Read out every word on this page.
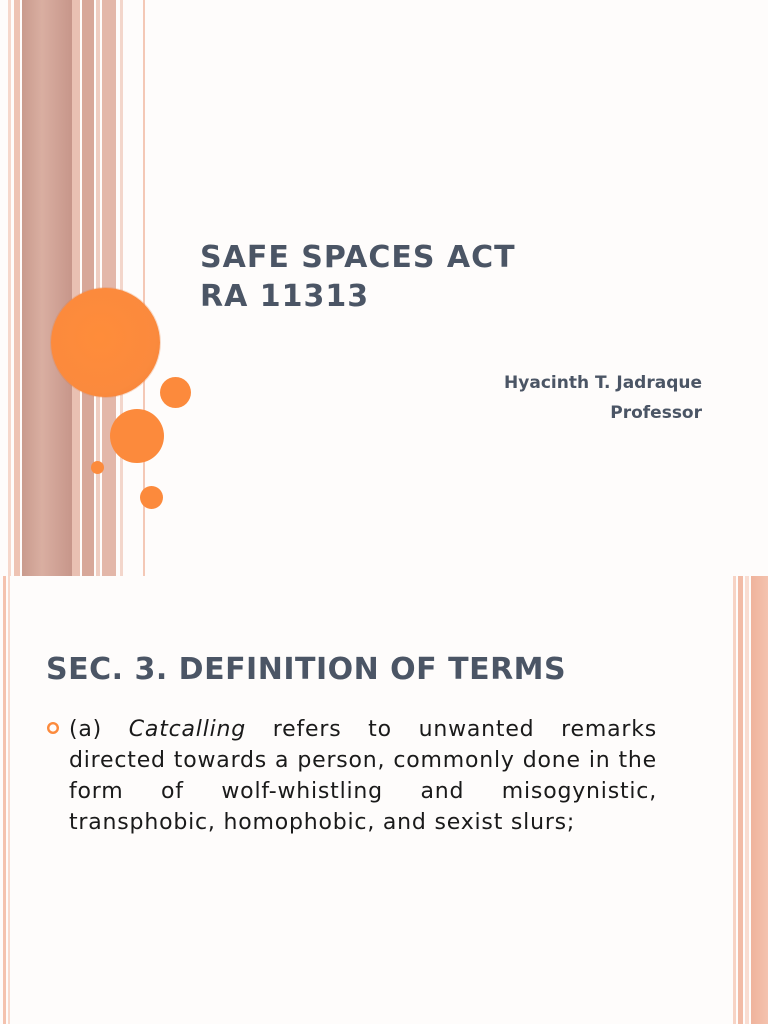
SAFE SPACES ACT
RA 11313
Hyacinth T. Jadraque
Professor
SEC. 3. DEFINITION OF TERMS

(a) Catcalling refers to unwanted remarks directed towards a person, commonly done in the form of wolf-whistling and misogynistic, transphobic, homophobic, and sexist slurs;
